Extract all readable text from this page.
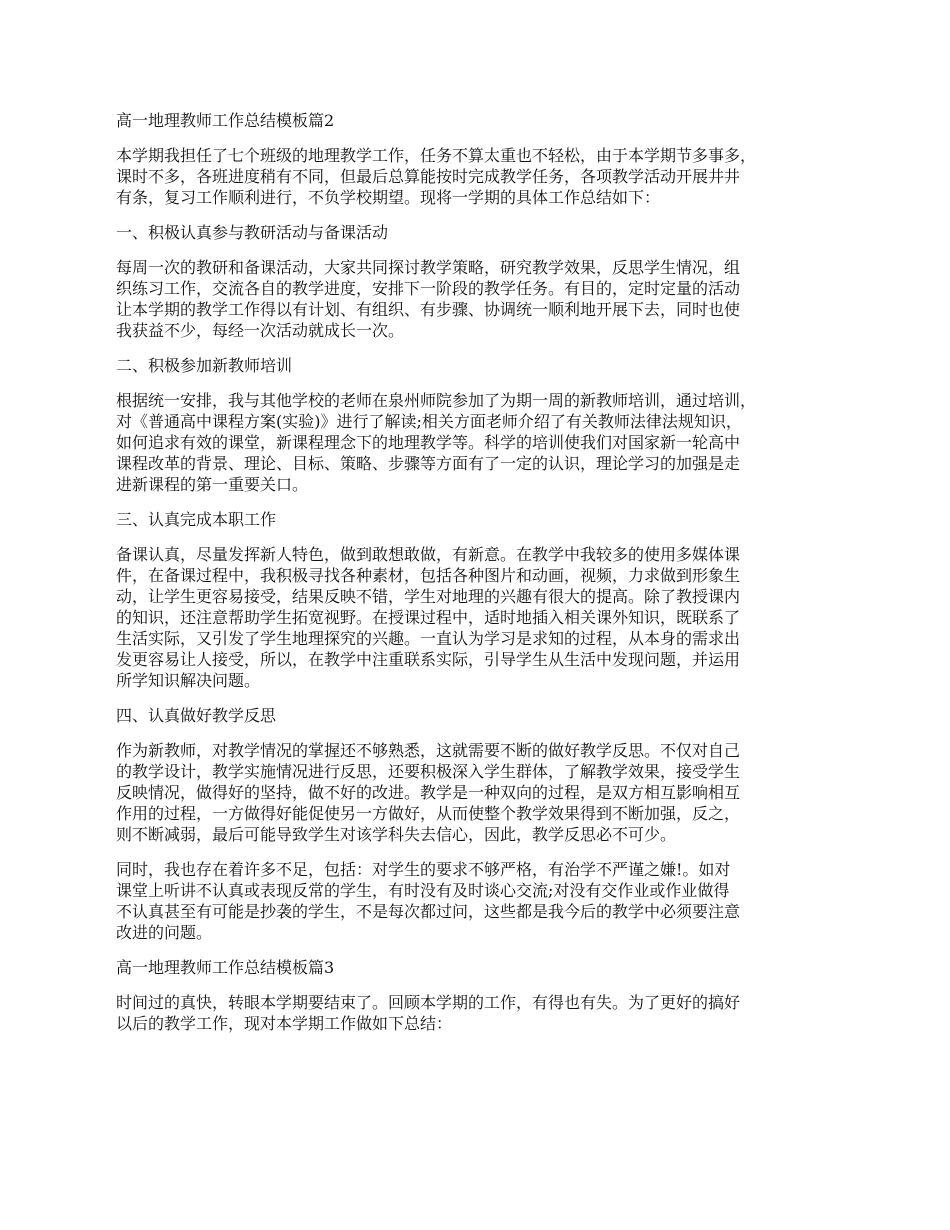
高一地理教师工作总结模板篇2
本学期我担任了七个班级的地理教学工作，任务不算太重也不轻松，由于本学期节多事多，
课时不多，各班进度稍有不同，但最后总算能按时完成教学任务，各项教学活动开展井井
有条，复习工作顺利进行，不负学校期望。现将一学期的具体工作总结如下：
一、积极认真参与教研活动与备课活动
每周一次的教研和备课活动，大家共同探讨教学策略，研究教学效果，反思学生情况，组
织练习工作，交流各自的教学进度，安排下一阶段的教学任务。有目的，定时定量的活动
让本学期的教学工作得以有计划、有组织、有步骤、协调统一顺利地开展下去，同时也使
我获益不少，每经一次活动就成长一次。
二、积极参加新教师培训
根据统一安排，我与其他学校的老师在泉州师院参加了为期一周的新教师培训，通过培训，
对《普通高中课程方案(实验)》进行了解读;相关方面老师介绍了有关教师法律法规知识，
如何追求有效的课堂，新课程理念下的地理教学等。科学的培训使我们对国家新一轮高中
课程改革的背景、理论、目标、策略、步骤等方面有了一定的认识，理论学习的加强是走
进新课程的第一重要关口。
三、认真完成本职工作
备课认真，尽量发挥新人特色，做到敢想敢做，有新意。在教学中我较多的使用多媒体课
件，在备课过程中，我积极寻找各种素材，包括各种图片和动画，视频，力求做到形象生
动，让学生更容易接受，结果反映不错，学生对地理的兴趣有很大的提高。除了教授课内
的知识，还注意帮助学生拓宽视野。在授课过程中，适时地插入相关课外知识，既联系了
生活实际，又引发了学生地理探究的兴趣。一直认为学习是求知的过程，从本身的需求出
发更容易让人接受，所以，在教学中注重联系实际，引导学生从生活中发现问题，并运用
所学知识解决问题。
四、认真做好教学反思
作为新教师，对教学情况的掌握还不够熟悉，这就需要不断的做好教学反思。不仅对自己
的教学设计，教学实施情况进行反思，还要积极深入学生群体，了解教学效果，接受学生
反映情况，做得好的坚持，做不好的改进。教学是一种双向的过程，是双方相互影响相互
作用的过程，一方做得好能促使另一方做好，从而使整个教学效果得到不断加强，反之，
则不断减弱，最后可能导致学生对该学科失去信心，因此，教学反思必不可少。
同时，我也存在着许多不足，包括：对学生的要求不够严格，有治学不严谨之嫌!。如对
课堂上听讲不认真或表现反常的学生，有时没有及时谈心交流;对没有交作业或作业做得
不认真甚至有可能是抄袭的学生，不是每次都过问，这些都是我今后的教学中必须要注意
改进的问题。
高一地理教师工作总结模板篇3
时间过的真快，转眼本学期要结束了。回顾本学期的工作，有得也有失。为了更好的搞好
以后的教学工作，现对本学期工作做如下总结：
